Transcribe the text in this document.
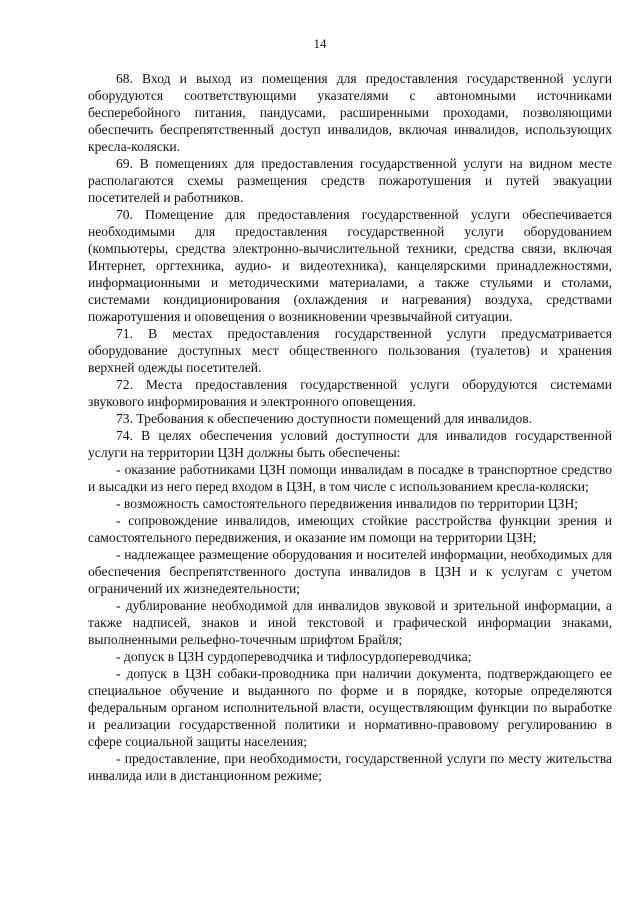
14

68. Вход и выход из помещения для предоставления государственной услуги оборудуются соответствующими указателями с автономными источниками бесперебойного питания, пандусами, расширенными проходами, позволяющими обеспечить беспрепятственный доступ инвалидов, включая инвалидов, использующих кресла-коляски.

69. В помещениях для предоставления государственной услуги на видном месте располагаются схемы размещения средств пожаротушения и путей эвакуации посетителей и работников.

70. Помещение для предоставления государственной услуги обеспечивается необходимыми для предоставления государственной услуги оборудованием (компьютеры, средства электронно-вычислительной техники, средства связи, включая Интернет, оргтехника, аудио- и видеотехника), канцелярскими принадлежностями, информационными и методическими материалами, а также стульями и столами, системами кондиционирования (охлаждения и нагревания) воздуха, средствами пожаротушения и оповещения о возникновении чрезвычайной ситуации.

71. В местах предоставления государственной услуги предусматривается оборудование доступных мест общественного пользования (туалетов) и хранения верхней одежды посетителей.

72. Места предоставления государственной услуги оборудуются системами звукового информирования и электронного оповещения.

73. Требования к обеспечению доступности помещений для инвалидов.

74. В целях обеспечения условий доступности для инвалидов государственной услуги на территории ЦЗН должны быть обеспечены:

- оказание работниками ЦЗН помощи инвалидам в посадке в транспортное средство и высадки из него перед входом в ЦЗН, в том числе с использованием кресла-коляски;

- возможность самостоятельного передвижения инвалидов по территории ЦЗН;

- сопровождение инвалидов, имеющих стойкие расстройства функции зрения и самостоятельного передвижения, и оказание им помощи на территории ЦЗН;

- надлежащее размещение оборудования и носителей информации, необходимых для обеспечения беспрепятственного доступа инвалидов в ЦЗН и к услугам с учетом ограничений их жизнедеятельности;

- дублирование необходимой для инвалидов звуковой и зрительной информации, а также надписей, знаков и иной текстовой и графической информации знаками, выполненными рельефно-точечным шрифтом Брайля;

- допуск в ЦЗН сурдопереводчика и тифлосурдопереводчика;

- допуск в ЦЗН собаки-проводника при наличии документа, подтверждающего ее специальное обучение и выданного по форме и в порядке, которые определяются федеральным органом исполнительной власти, осуществляющим функции по выработке и реализации государственной политики и нормативно-правовому регулированию в сфере социальной защиты населения;

- предоставление, при необходимости, государственной услуги по месту жительства инвалида или в дистанционном режиме;
